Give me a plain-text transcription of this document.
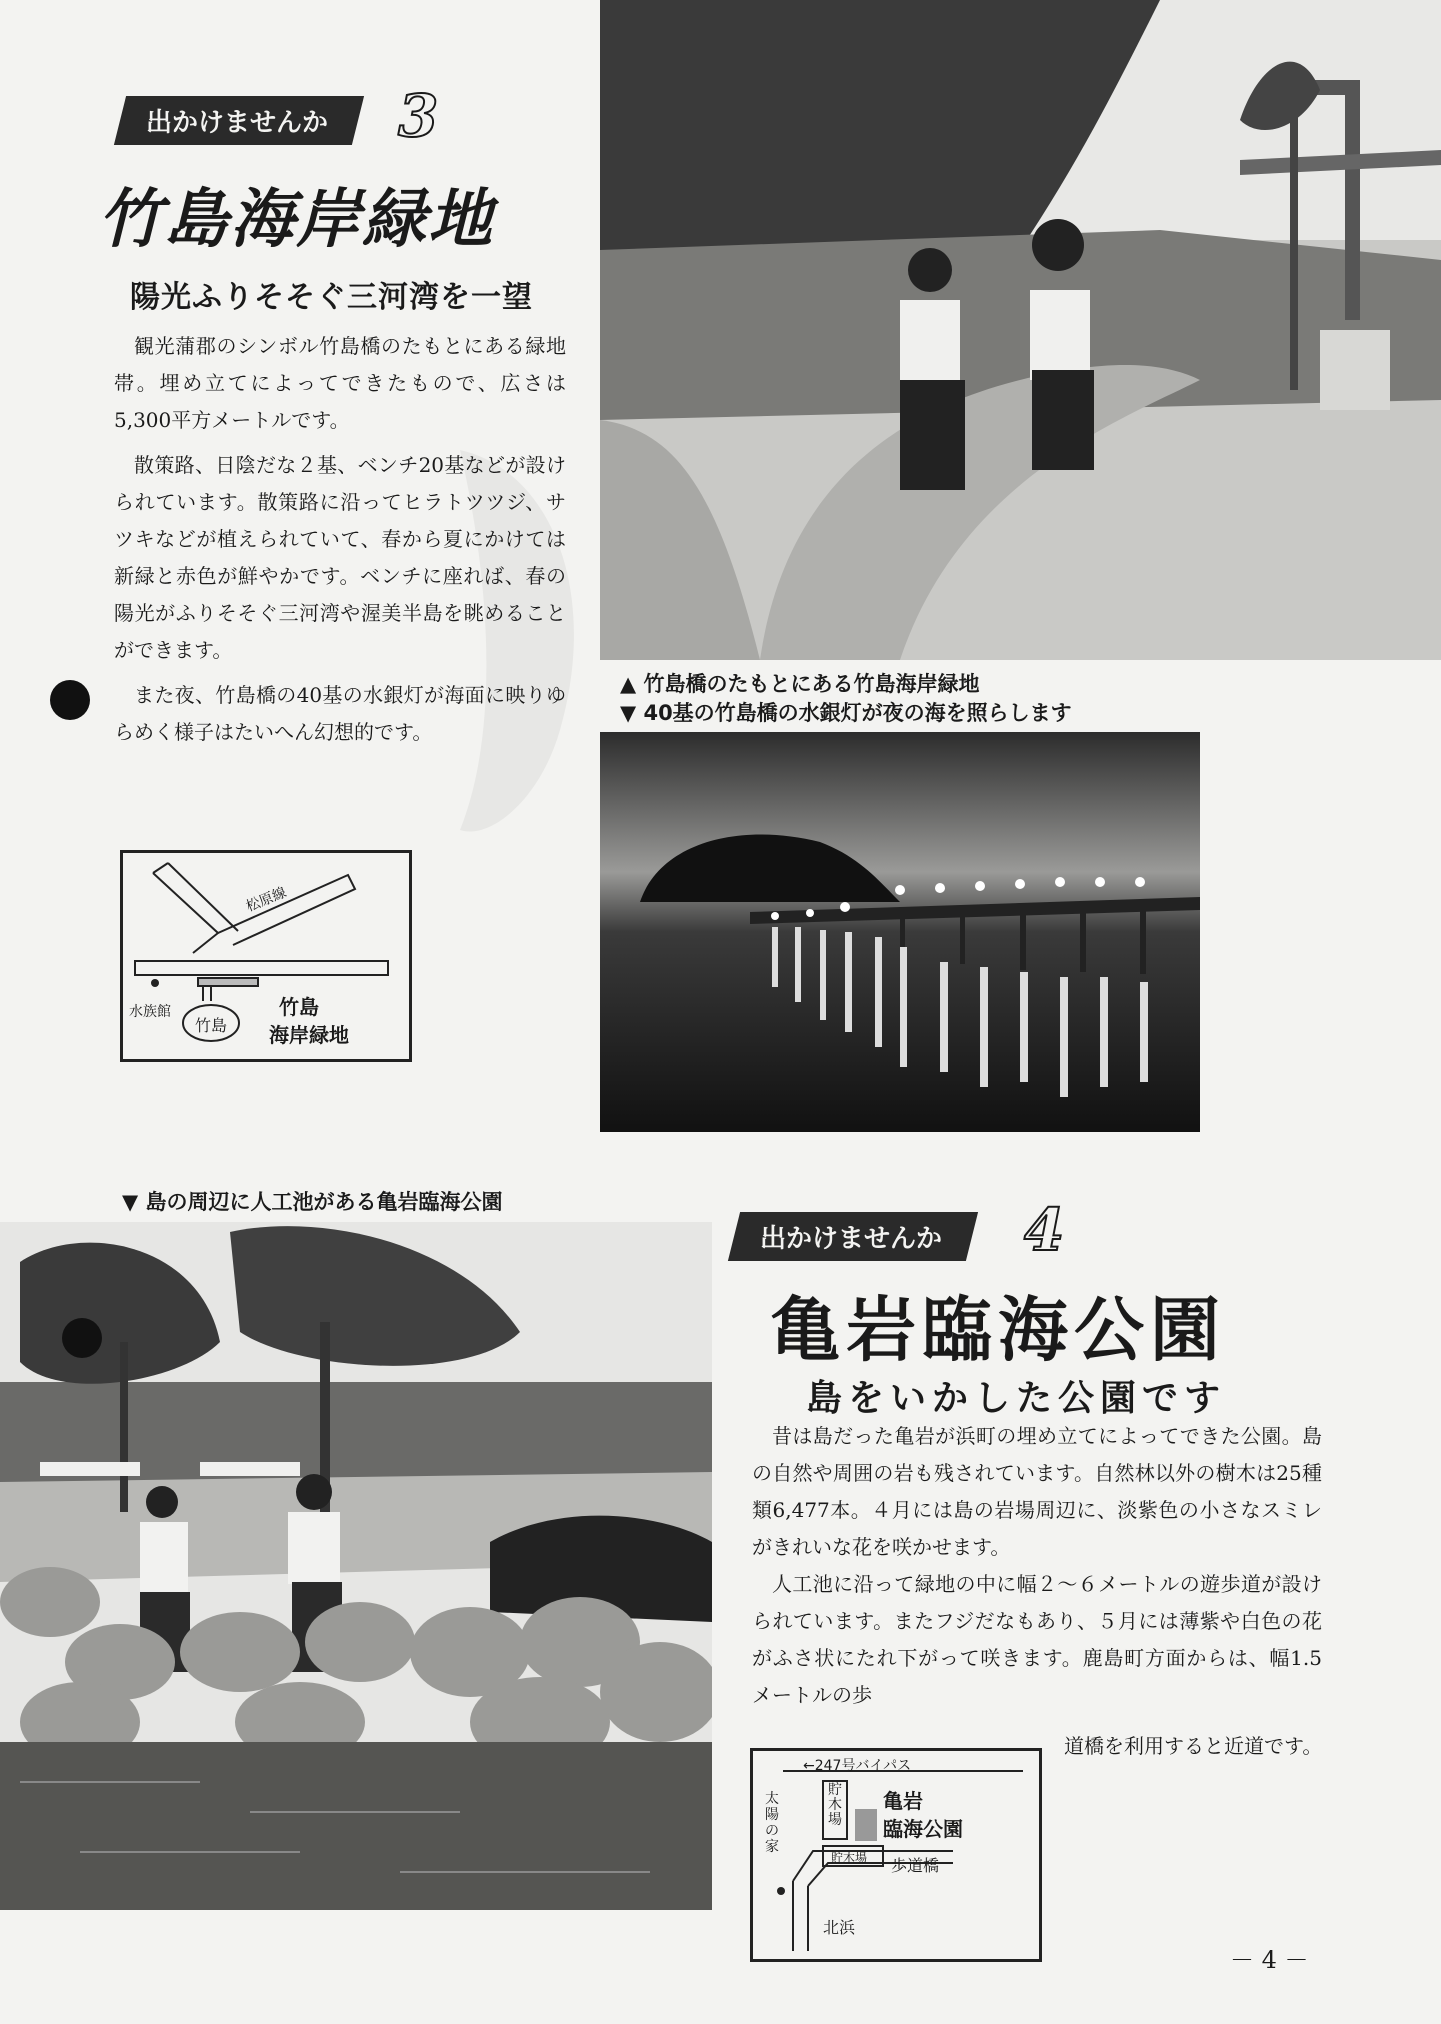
出かけませんか	3
竹島海岸緑地
陽光ふりそそぐ三河湾を一望

観光蒲郡のシンボル竹島橋のたもとにある緑地帯。埋め立てによってできたもので、広さは5,300平方メートルです。

散策路、日陰だな２基、ベンチ20基などが設けられています。散策路に沿ってヒラトツツジ、サツキなどが植えられていて、春から夏にかけては新緑と赤色が鮮やかです。ベンチに座れば、春の陽光がふりそそぐ三河湾や渥美半島を眺めることができます。

また夜、竹島橋の40基の水銀灯が海面に映りゆらめく様子はたいへん幻想的です。

松原線
水族館
竹島
竹島
海岸緑地
▲ 竹島橋のたもとにある竹島海岸緑地
▼ 40基の竹島橋の水銀灯が夜の海を照らします
▼ 島の周辺に人工池がある亀岩臨海公園
出かけませんか	4
亀岩臨海公園
島をいかした公園です

昔は島だった亀岩が浜町の埋め立てによってできた公園。島の自然や周囲の岩も残されています。自然林以外の樹木は25種類6,477本。４月には島の岩場周辺に、淡紫色の小さなスミレがきれいな花を咲かせます。

人工池に沿って緑地の中に幅２～６メートルの遊歩道が設けられています。またフジだなもあり、５月には薄紫や白色の花がふさ状にたれ下がって咲きます。鹿島町方面からは、幅1.5メートルの歩

道橋を利用すると近道です。
←247号バイパス
貯木場
貯木場
太陽の家
歩道橋
北浜
亀岩
臨海公園
－ 4 －
